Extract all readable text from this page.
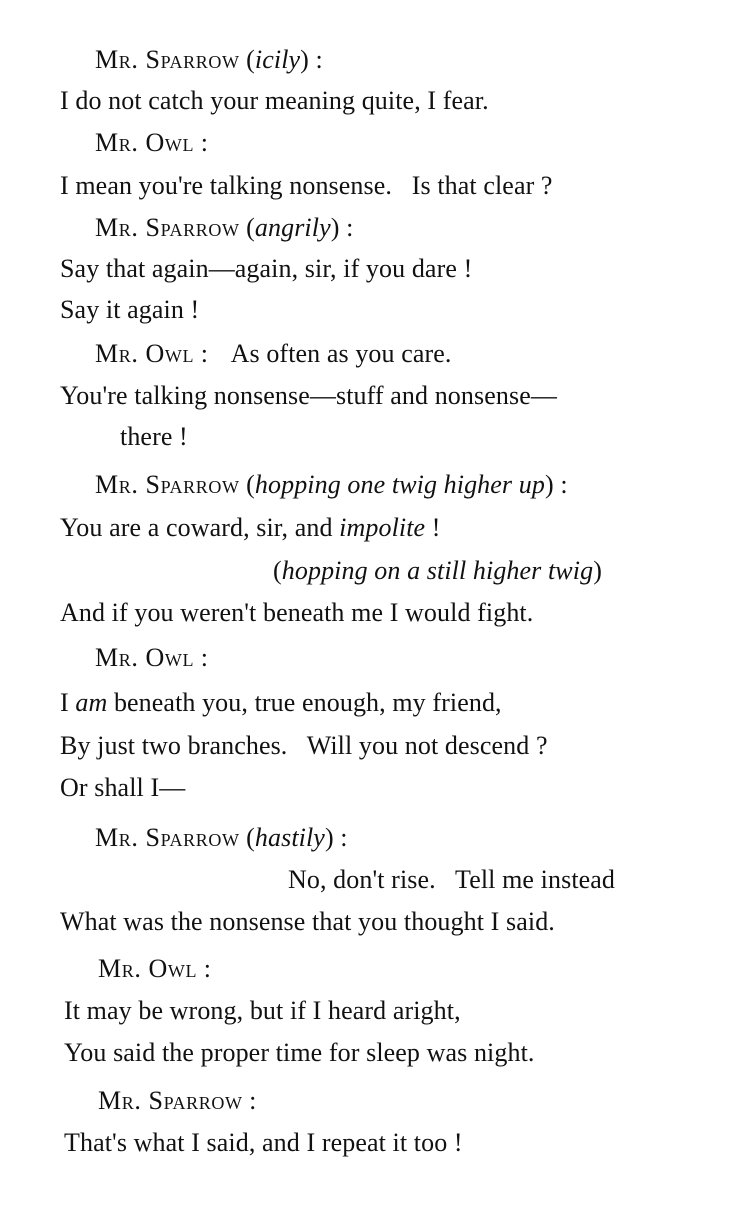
Mr. Sparrow (icily) :
I do not catch your meaning quite, I fear.
Mr. Owl :
I mean you're talking nonsense.   Is that clear ?
Mr. Sparrow (angrily) :
Say that again—again, sir, if you dare !
Say it again !
Mr. Owl : As often as you care.
You're talking nonsense—stuff and nonsense—
there !
Mr. Sparrow (hopping one twig higher up) :
You are a coward, sir, and impolite !
(hopping on a still higher twig)
And if you weren't beneath me I would fight.
Mr. Owl :
I am beneath you, true enough, my friend,
By just two branches.   Will you not descend ?
Or shall I—
Mr. Sparrow (hastily) :
No, don't rise.   Tell me instead
What was the nonsense that you thought I said.
Mr. Owl :
It may be wrong, but if I heard aright,
You said the proper time for sleep was night.
Mr. Sparrow :
That's what I said, and I repeat it too !
